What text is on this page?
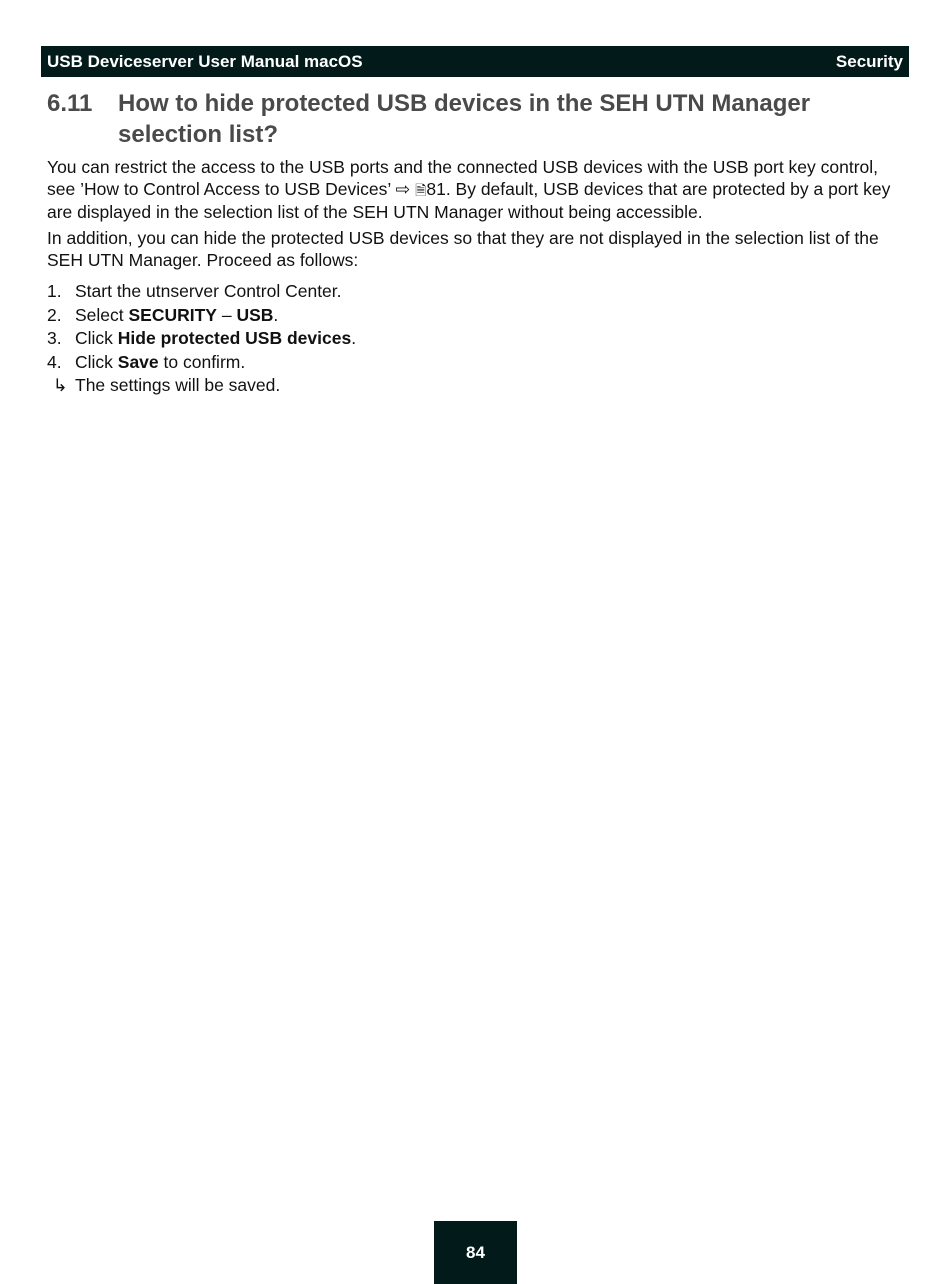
USB Deviceserver User Manual macOS	Security
6.11	How to hide protected USB devices in the SEH UTN Manager selection list?
You can restrict the access to the USB ports and the connected USB devices with the USB port key control, see ’How to Control Access to USB Devices’ ⇨ 🗎81. By default, USB devices that are protected by a port key are displayed in the selection list of the SEH UTN Manager without being accessible.
In addition, you can hide the protected USB devices so that they are not displayed in the selection list of the SEH UTN Manager. Proceed as follows:
1. Start the utnserver Control Center.
2. Select SECURITY – USB.
3. Click Hide protected USB devices.
4. Click Save to confirm.
↳ The settings will be saved.
84
